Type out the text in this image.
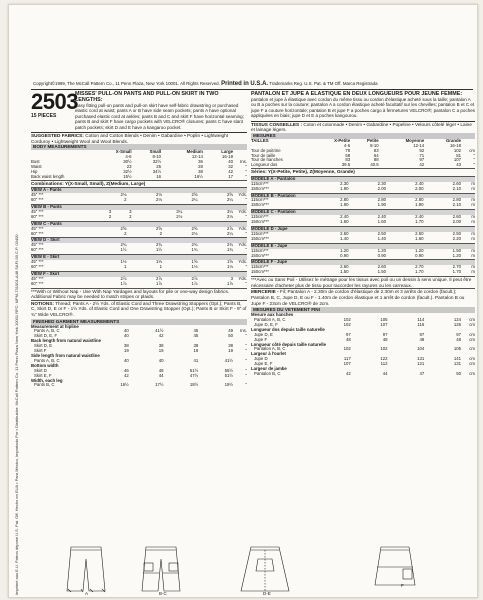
Imprimé aux E.U. Patron déposé U.S. Pat. Off. Hecho en EUA • Para México, Importado Por • Distribuidor: McCall Pattern Co. 11 Penn Plaza New York 10001 RFC: MPM-731001-A48 SAFI-90 C.P. 03400
Copyright©1999, The McCall Pattern Co., 11 Penn Plaza, New York 10001. All Rights Reserved. Printed in U.S.A. Trademarks Reg. U.S. Pat. & TM Off. Marca Registrada
2503
15 PIECES
MISSES' PULL-ON PANTS AND PULL-ON SKIRT IN TWO LENGTHS:
Easy fitting pull-on pants and pull-on skirt have self-fabric drawstring or purchased elastic cord at waist; pants A or B have side seam pockets; pants A have optional purchased elastic cord at ankles; pants B and C and skirt F have horizontal seaming; pants B and skirt F have cargo pockets with VELCRO® closures; pants C have slant patch pockets; skirt D and E have a kangaroo pocket.
SUGGESTED FABRICS: Cotton and Cotton Blends • Denim • Gabardine • Poplin • Lightweight Corduroy • Lightweight Wool and Wool Blends.
BODY MEASUREMENTS
	X-Small	Small	Medium	Large	
	4-6	8-10	12-14	16-18	
Bust	30½	32½	36	40	Ins.
Waist	23	25	28	32	"
Hip	32½	34½	38	42	"
Back waist length	15½	16	16½	17	"
Combinations: Y(X-Small, Small), Z(Medium, Large)
VIEW A - Pants					
45" ***	2⅛	2⅛	2⅝	2⅝	Yds.
60" ***	2	2⅛	2¼	2¼	"
VIEW B - Pants					
45" ***	3	3	3¼	3¼	Yds.
60" ***	2	2	2⅛	2⅛	"
VIEW C - Pants					
45" ***	2⅝	2⅝	2⅝	2⅞	Yds.
60" ***	2	2	2⅛	2¼	"
VIEW D - Skirt					
45" ***	2¾	2¾	2¾	2¾	Yds.
60" ***	1½	1½	1¾	1¾	"
VIEW E - Skirt					
45" ***	1⅓	1⅓	1⅝	1⅝	Yds.
60" ***	1	1	1⅛	1⅛	"
VIEW F - Skirt					
45" ***	2⅞	2⅞	2⅞	3	Yds.
60" ***	1⅞	1⅞	1⅞	1⅞	"
***With or Without Nap - Use With Nap Yardages and layouts for pile or one-way design fabrics. Additional Fabric may be needed to match stripes or plaids.
NOTIONS: Thread; Pants A - 2½ Yds. of Elastic Cord and Three Drawstring Stoppers (Opt.); Pants B, C, Skirt D, E or F - 1½ Yds. of Elastic Cord and One Drawstring Stopper (Opt.); Pants B or Skirt F - 9" of ¾" Wide VELCRO®.
FINISHED GARMENT MEASUREMENTS
Measurement at hipline					
Pants A, B, C	40	41½	45	49	Ins.
Skirt D, E, F	40	42	45	50	"
Back length from natural waistline					
Skirt D, E	38	38	38	38	"
Skirt F	19	19	19	19	"
Side length from natural waistline					
Pants A, B, C	40	40	41	41½	"
Bottom width					
Skirt D	46	48	51½	55½	"
Skirt E, F	42	44	47½	51½	"
Width, each leg					
Pants B, C	16½	17½	18½	19½	"
PANTALON ET JUPE A ELASTIQUE EN DEUX LONGUEURS POUR JEUNE FEMME:
pantalon et jupe à élastique avec cordon du même tissu ou cordon d'élastique acheté sous la taille; pantalon A ou B a poches sur la couture; pantalon A a cordon élastique acheté facultatif sur les chevilles; pantalon B et C et jupe F a couture horizontale; pantalon B et jupe F a poches cargo à fermetures VELCRO®; pantalon C a poches appliquées en biais; jupe D et E a poches kangourou.
TISSUS CONSEILLES : Coton et cotonnade • Denim • Gabardine • Popeline • Velours côtelé léger • Laine et lainage légers.
MESURES
TAILLES	X-Petite	Petite	Moyenne	Grande	
	4-6	8-10	12-14	16-18	
Tour de poitrine	78	83	92	102	cm
Tour de taille	58	64	71	81	"
Tour de hanches	83	88	97	107	"
Longueur dos	39.5	40.5	42	43	"
Séries: Y(X-Petite, Petite), Z(Moyenne, Grande)
MODELE A - Pantalon					
115cm***	2.30	2.30	2.40	2.60	m
150cm***	1.90	2.00	2.00	2.10	m
MODELE B - Pantalon					
115cm***	2.80	2.80	2.80	2.80	m
150cm***	1.90	1.90	1.90	2.10	m
MODELE C - Pantalon					
115cm***	2.40	2.40	2.40	2.60	m
150cm***	1.60	1.60	1.70	2.00	m
MODELE D - Jupe					
115cm***	2.50	2.50	2.50	2.50	m
150cm***	1.40	1.40	1.60	2.20	m
MODELE E - Jupe					
115cm***	1.20	1.20	1.20	1.50	m
150cm***	0.90	0.90	0.90	1.20	m
MODELE F - Jupe					
115cm***	2.60	2.60	2.70	2.70	m
150cm***	1.50	1.50	1.70	1.70	m
***Avec ou Sans Poil - Utilisez le métrage pour les tissus avec poil ou un dessin à sens unique. Il peut être nécessaire d'acheter plus de tissu pour raccorder les rayures ou les carreaux.
MERCERIE - Fil; Pantalon A - 2.30m de cordon d'élastique de 2.30m et 3 arrêts de cordon (facult.); Pantalon B, C, Jupe D, E ou F - 1.40m de cordon élastique et 1 arrêt de cordon (facult.). Pantalon B ou Jupe F - 23cm de VELCRO® de 2cm.
MESURES DU VETEMENT FINI
Mesure aux hanches					
Pantalon A, B, C	102	105	114	124	cm
Jupe D, E, F	102	107	116	126	cm
Longueur dos depuis taille naturelle					
Jupe D, E	97	97	97	97	cm
Jupe F	48	48	48	48	cm
Longueur côté depuis taille naturelle					
Pantalon A, B, C	102	102	104	105	cm
Largeur à l'ourlet					
Jupe D	117	122	131	141	cm
Jupe E, F	107	112	121	131	cm
Largeur de jambe					
Pantalon B, C	42	44	47	50	cm
A	B-C	D-E
F
